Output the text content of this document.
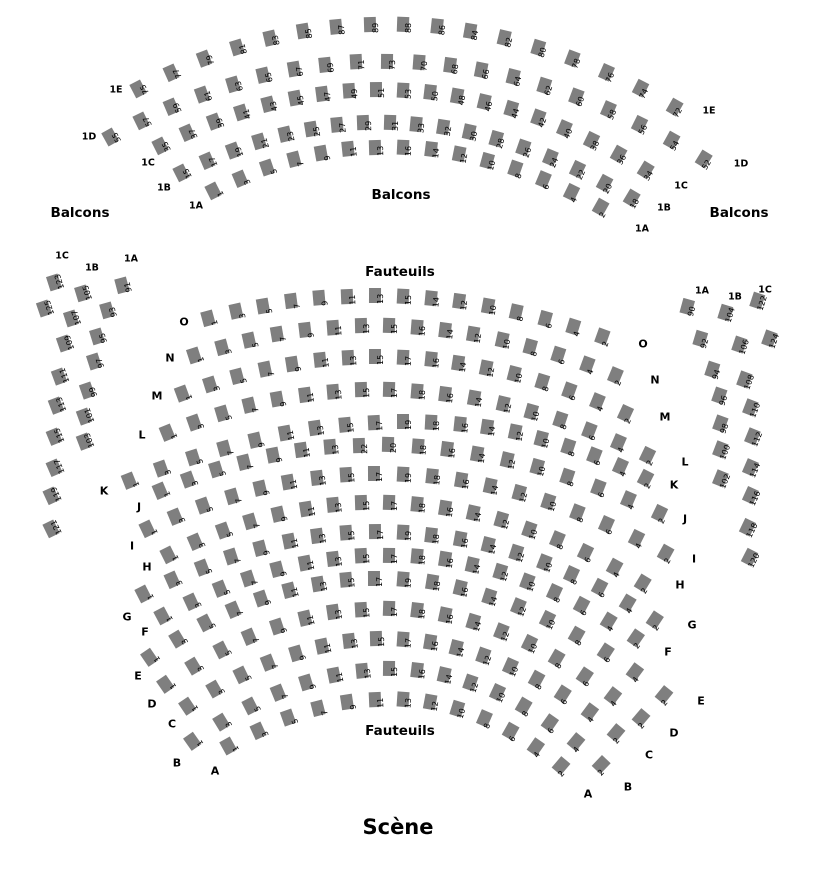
Balcons
Balcons
Balcons
Fauteuils
Fauteuils
Scène
75
77
79
81
83
85	87	89	88	86	84
82
80
78
76
74
72
55
57
59
61
63
65
67	69	71	73	70	68	66
64
62
60
58
56
54
52
35
37
39
41
43 45 47 49 51 53 50 48 46
44
42
40
38
36
34
15
17
19
21
23 25 27 29 31 33 32 30
28
26
24
22
20
18
1
3
5
7
9
11 13 16 14 12
10
8
6
4
2
1
3
5
7 9 11 13 15 14 12 10
8
6
4
2
1
3
5
7
9 11 13 15 16 14 12 10
8
6
4
2
1
3
5
7
9
11 13 15 17 16 14 12
10
8
6
4
2
1
3
5
7
9
11 13 15 17 18 16 14
12
10
8
6
4
2
1
3
5
7
9
11 13 15 17 19 18 16 14 12
10
8
6
4
2
1
3
5
7
9
11 13 22 20 18 16 14
12
10
8
6
4
2
1
3
5
7
9
11 13 15 17 19 18 16 14
12
10
8
6
4
2
1
3
5
7
9
11 13 15 17 18 16 14
12
10
8
6
4
2
1
3
5
7
9
11 13 15 17 19 18 16
14
12
10
8
6
4
2
1
3
5
7
9
11 13 15 17 18 16 14
12
10
8
6
4
2
1
3
5
7
9
11 13 15 17 19 18 16
14
12
10
8
6
4
2
1
3
5
7
9
11 13 15 17 18 16
14
12
10
8
6
4
2
1
3
5
7
9
11 13 15 17 16 14
12
10
8
6
4
2
1
3
5
7
9
11 13 15 16 14
12
10
8
6
4
2
1
3
5
7
9 11 13 12
10
8
6
4
2
123
125
105
107
109
111
113
115
117
119
121
91
93
95
97
99
101
103
90
92
94
96
98
100
102
104
106
108
110
112
114
116
118
120
122
124
1E
1E
1D
1D
1C
1C
1B
1B
1A
1A
O
O
N
N
M
M
L
L
K	K
J
J
I
I
H
H
G
G
F
F
E
E
D
D
C
C
B
B
A
A
1C
1B
1A
1A
1B
1C
